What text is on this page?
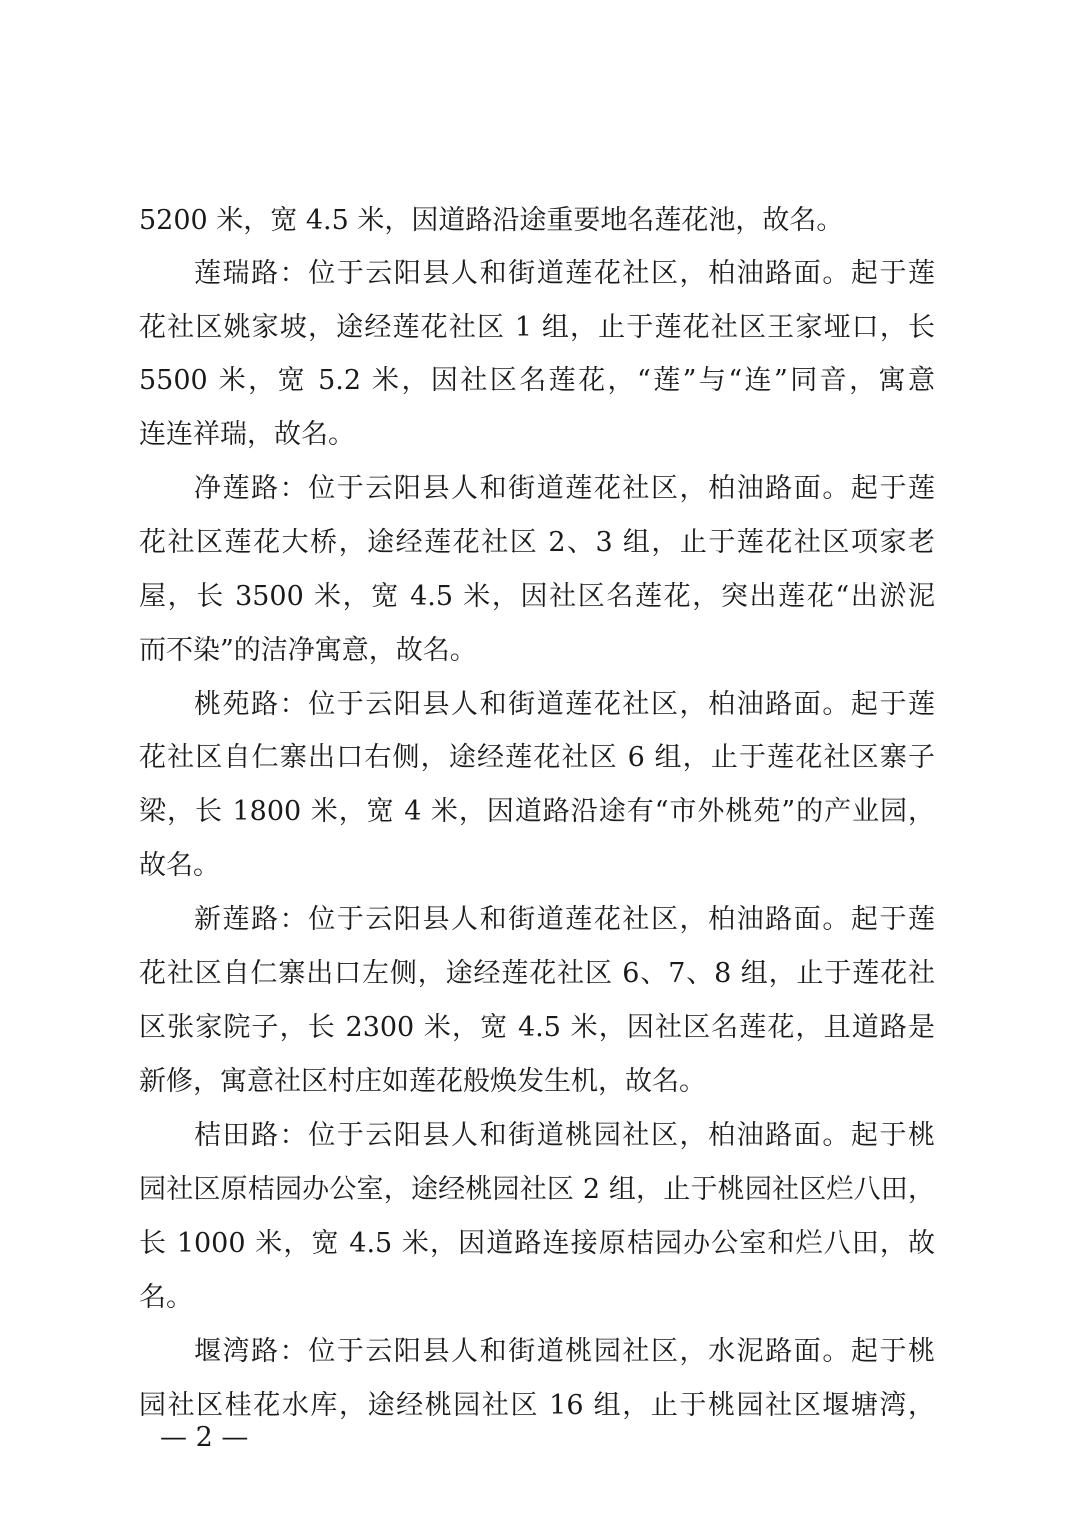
5200 米，宽 4.5 米，因道路沿途重要地名莲花池，故名。
莲瑞路：位于云阳县人和街道莲花社区，柏油路面。起于莲
花社区姚家坡，途经莲花社区 1 组，止于莲花社区王家垭口，长
5500 米，宽 5.2 米，因社区名莲花，“莲”与“连”同音，寓意
连连祥瑞，故名。
净莲路：位于云阳县人和街道莲花社区，柏油路面。起于莲
花社区莲花大桥，途经莲花社区 2、3 组，止于莲花社区项家老
屋，长 3500 米，宽 4.5 米，因社区名莲花，突出莲花“出淤泥
而不染”的洁净寓意，故名。
桃苑路：位于云阳县人和街道莲花社区，柏油路面。起于莲
花社区自仁寨出口右侧，途经莲花社区 6 组，止于莲花社区寨子
梁，长 1800 米，宽 4 米，因道路沿途有“市外桃苑”的产业园，
故名。
新莲路：位于云阳县人和街道莲花社区，柏油路面。起于莲
花社区自仁寨出口左侧，途经莲花社区 6、7、8 组，止于莲花社
区张家院子，长 2300 米，宽 4.5 米，因社区名莲花，且道路是
新修，寓意社区村庄如莲花般焕发生机，故名。
桔田路：位于云阳县人和街道桃园社区，柏油路面。起于桃
园社区原桔园办公室，途经桃园社区 2 组，止于桃园社区烂八田，
长 1000 米，宽 4.5 米，因道路连接原桔园办公室和烂八田，故
名。
堰湾路：位于云阳县人和街道桃园社区，水泥路面。起于桃
园社区桂花水库，途经桃园社区 16 组，止于桃园社区堰塘湾，
— 2 —
